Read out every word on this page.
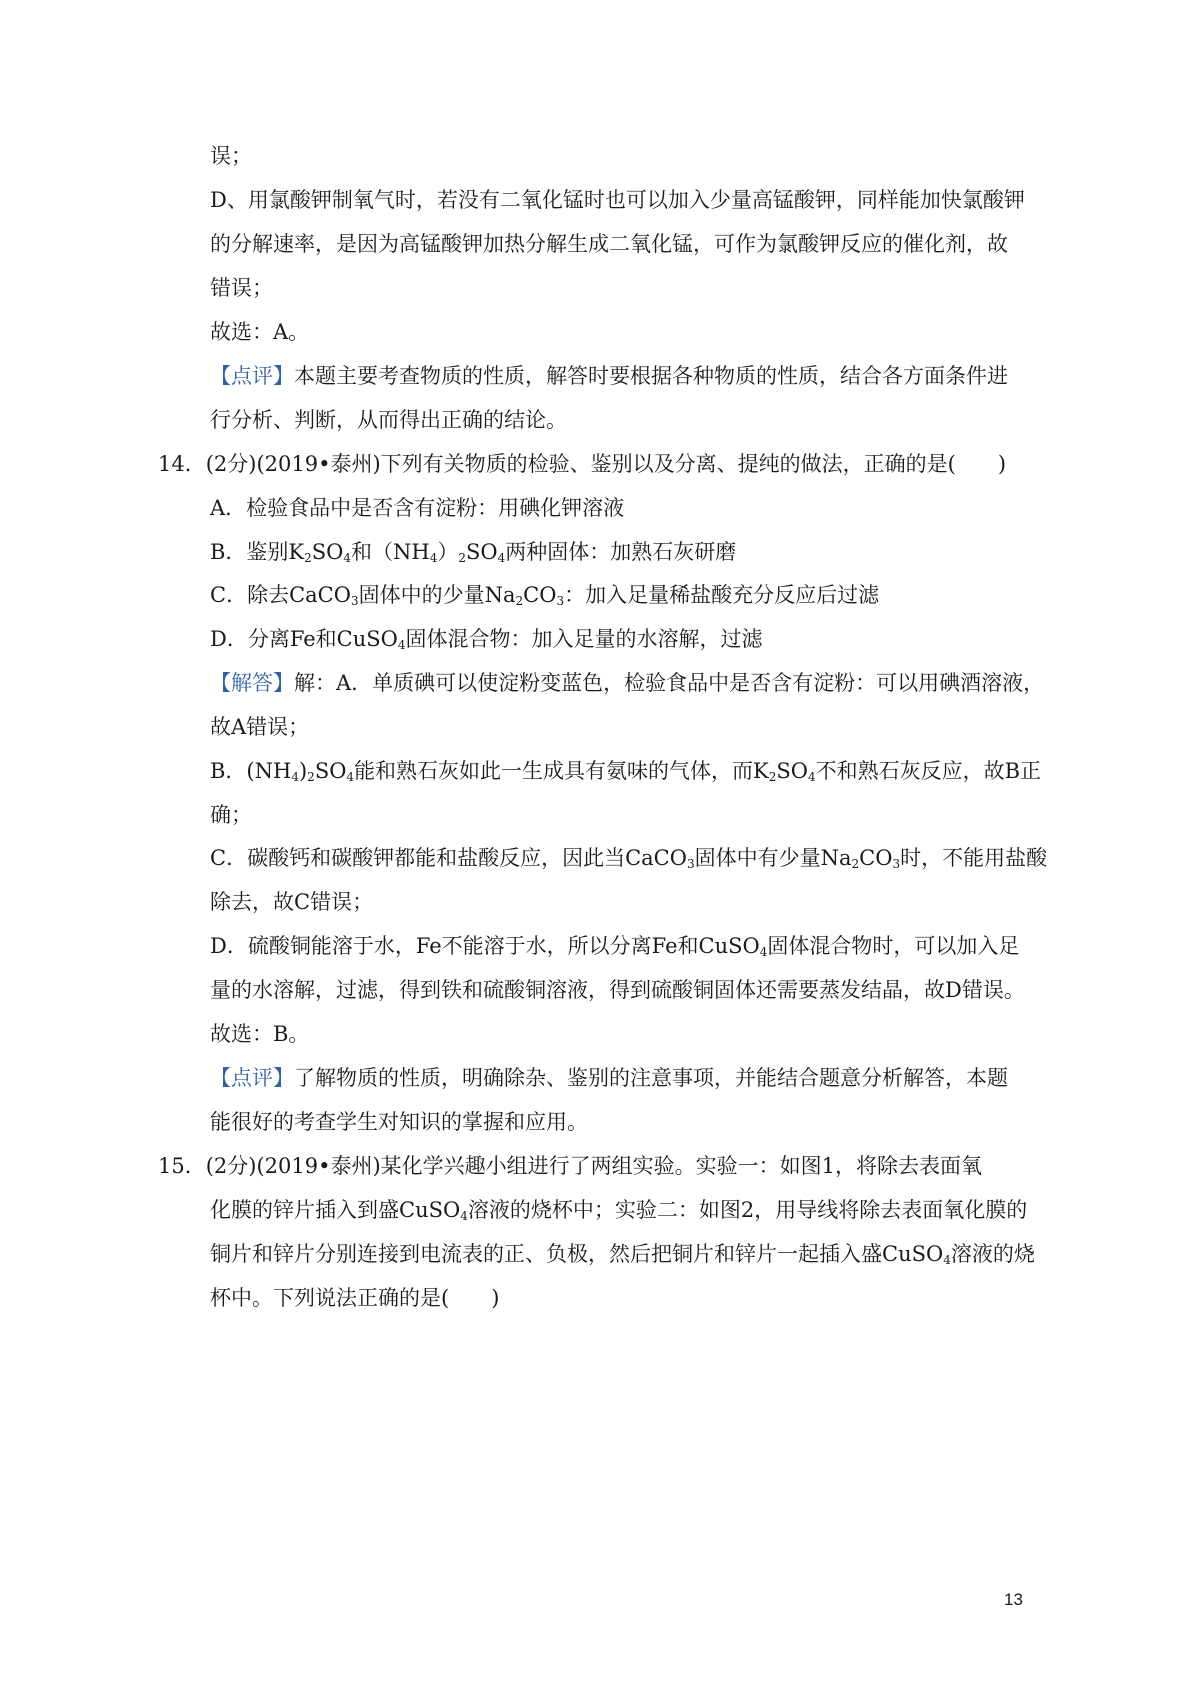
误；
D、用氯酸钾制氧气时，若没有二氧化锰时也可以加入少量高锰酸钾，同样能加快氯酸钾
的分解速率，是因为高锰酸钾加热分解生成二氧化锰，可作为氯酸钾反应的催化剂，故
错误；
故选：A。
【点评】本题主要考查物质的性质，解答时要根据各种物质的性质，结合各方面条件进
行分析、判断，从而得出正确的结论。
14．(2分)(2019•泰州)下列有关物质的检验、鉴别以及分离、提纯的做法，正确的是(　　)
A．检验食品中是否含有淀粉：用碘化钾溶液
B．鉴别$K_2SO_4$和$(NH_4)_2SO_4$两种固体：加熟石灰研磨
C．除去CaCO$_3$固体中的少量$Na_2CO_3$：加入足量稀盐酸充分反应后过滤
D．分离Fe和CuSO$_4$固体混合物：加入足量的水溶解，过滤
【解答】解：A．单质碘可以使淀粉变蓝色，检验食品中是否含有淀粉：可以用碘酒溶液，
故A错误；
B．$(NH_4)_2SO_4$能和熟石灰如此一生成具有氨味的气体，而$K_2SO_4$不和熟石灰反应，故B正
确；
C．碳酸钙和碳酸钾都能和盐酸反应，因此当CaCO$_3$固体中有少量$Na_2CO_3$时，不能用盐酸
除去，故C错误；
D．硫酸铜能溶于水，Fe不能溶于水，所以分离Fe和CuSO$_4$固体混合物时，可以加入足
量的水溶解，过滤，得到铁和硫酸铜溶液，得到硫酸铜固体还需要蒸发结晶，故D错误。
故选：B。
【点评】了解物质的性质，明确除杂、鉴别的注意事项，并能结合题意分析解答，本题
能很好的考查学生对知识的掌握和应用。
15．(2分)(2019•泰州)某化学兴趣小组进行了两组实验。实验一：如图1，将除去表面氧
化膜的锌片插入到盛CuSO$_4$溶液的烧杯中；实验二：如图2，用导线将除去表面氧化膜的
铜片和锌片分别连接到电流表的正、负极，然后把铜片和锌片一起插入盛CuSO$_4$溶液的烧
杯中。下列说法正确的是(　　)
13
